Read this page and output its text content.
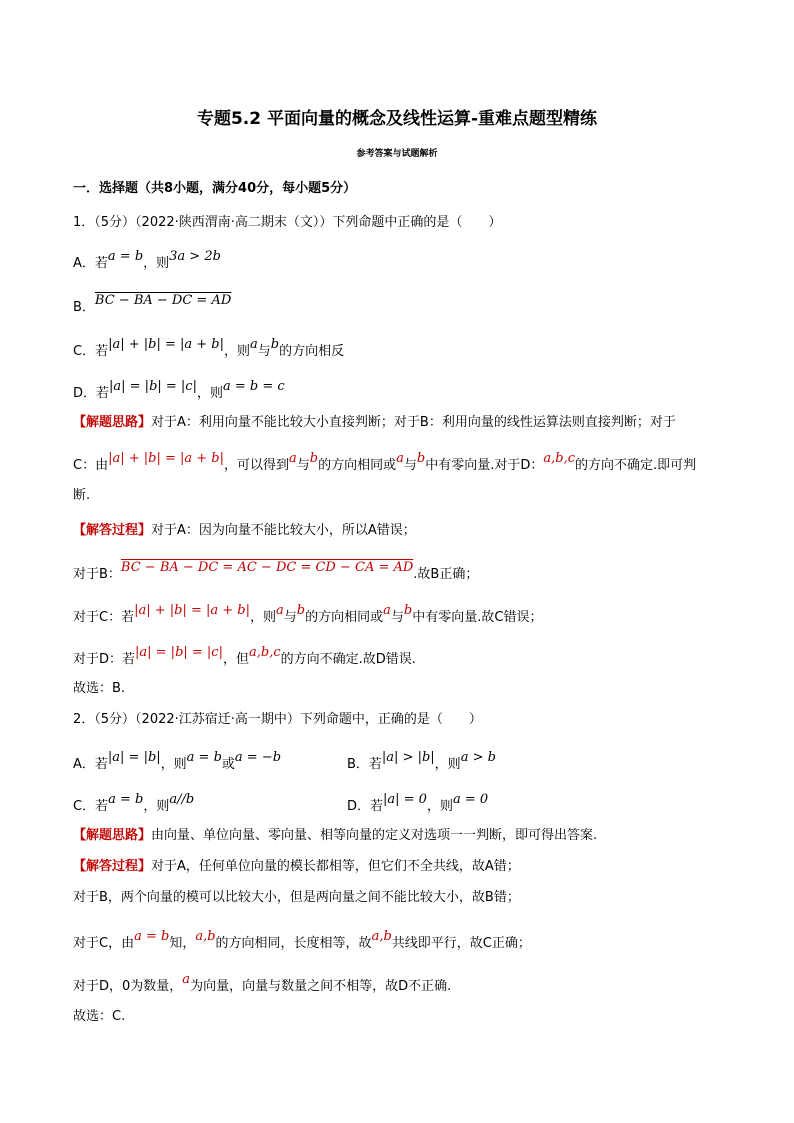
专题5.2 平面向量的概念及线性运算-重难点题型精练
参考答案与试题解析
一．选择题（共8小题，满分40分，每小题5分）
1．（5分）（2022·陕西渭南·高二期末（文））下列命题中正确的是（　　）
A．若a = b，则3a > 2b
B．BC − BA − DC = AD
C．若|a| + |b| = |a + b|，则a与b的方向相反
D．若|a| = |b| = |c|，则a = b = c
【解题思路】对于A：利用向量不能比较大小直接判断；对于B：利用向量的线性运算法则直接判断；对于
C：由|a| + |b| = |a + b|，可以得到a与b的方向相同或a与b中有零向量.对于D：a,b,c的方向不确定.即可判
断.
【解答过程】对于A：因为向量不能比较大小，所以A错误；
对于B：BC − BA − DC = AC − DC = CD − CA = AD.故B正确；
对于C：若|a| + |b| = |a + b|，则a与b的方向相同或a与b中有零向量.故C错误；
对于D：若|a| = |b| = |c|，但a,b,c的方向不确定.故D错误.
故选：B.
2．（5分）（2022·江苏宿迁·高一期中）下列命题中，正确的是（　　）
A．若|a| = |b|，则a = b或a = −b	B．若|a| > |b|，则a > b
C．若a = b，则a//b	D．若|a| = 0，则a = 0
【解题思路】由向量、单位向量、零向量、相等向量的定义对选项一一判断，即可得出答案.
【解答过程】对于A，任何单位向量的模长都相等，但它们不全共线，故A错；
对于B，两个向量的模可以比较大小，但是两向量之间不能比较大小，故B错；
对于C，由a = b知，a,b的方向相同，长度相等，故a,b共线即平行，故C正确；
对于D，0为数量，a为向量，向量与数量之间不相等，故D不正确.
故选：C.
